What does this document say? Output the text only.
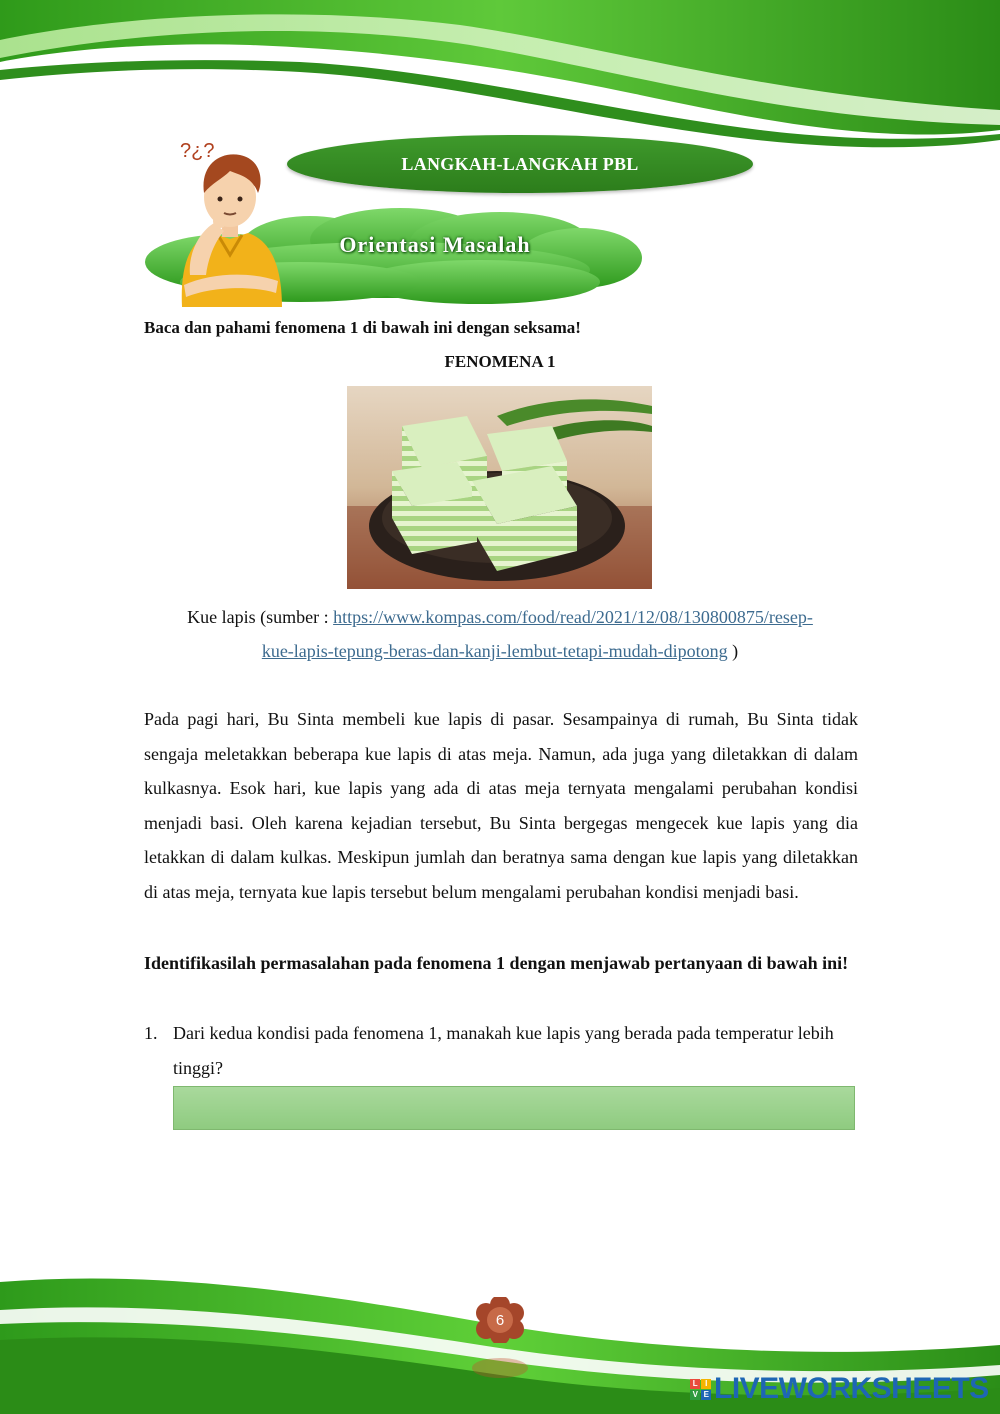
LANGKAH-LANGKAH PBL
Orientasi Masalah
?¿?
Baca dan pahami fenomena 1 di bawah ini dengan seksama!
FENOMENA 1
Kue lapis (sumber : https://www.kompas.com/food/read/2021/12/08/130800875/resep-
kue-lapis-tepung-beras-dan-kanji-lembut-tetapi-mudah-dipotong )
Pada pagi hari, Bu Sinta membeli kue lapis di pasar. Sesampainya di rumah, Bu Sinta tidak sengaja meletakkan beberapa kue lapis di atas meja. Namun, ada juga yang diletakkan di dalam kulkasnya. Esok hari, kue lapis yang ada di atas meja ternyata mengalami perubahan kondisi menjadi basi. Oleh karena kejadian tersebut, Bu Sinta bergegas mengecek kue lapis yang dia letakkan di dalam kulkas. Meskipun jumlah dan beratnya sama dengan kue lapis yang diletakkan di atas meja, ternyata kue lapis tersebut belum mengalami perubahan kondisi menjadi basi.
Identifikasilah permasalahan pada fenomena 1 dengan menjawab pertanyaan di bawah ini!
1. Dari kedua kondisi pada fenomena 1, manakah kue lapis yang berada pada temperatur lebih tinggi?
6
L I
V E LIVEWORKSHEETS
